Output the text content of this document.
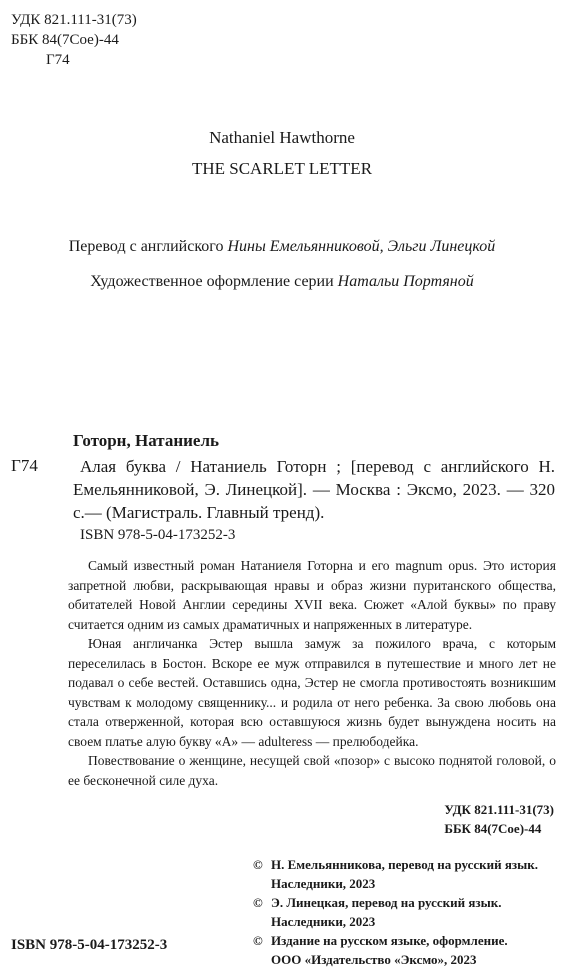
УДК 821.111-31(73)
ББК 84(7Сое)-44
Г74
Nathaniel Hawthorne
THE SCARLET LETTER
Перевод с английского Нины Емельянниковой, Эльги Линецкой
Художественное оформление серии Натальи Портяной
Готорн, Натаниель
Г74	Алая буква / Натаниель Готорн ; [перевод с английского Н. Емельянниковой, Э. Линецкой]. — Москва : Эксмо, 2023. — 320 с.— (Магистраль. Главный тренд).
ISBN 978-5-04-173252-3

Самый известный роман Натаниеля Готорна и его magnum opus. Это история запретной любви, раскрывающая нравы и образ жизни пуританского общества, обитателей Новой Англии середины XVII века. Сюжет «Алой буквы» по праву считается одним из самых драматичных и напряженных в литературе.

Юная англичанка Эстер вышла замуж за пожилого врача, с которым переселилась в Бостон. Вскоре ее муж отправился в путешествие и много лет не подавал о себе вестей. Оставшись одна, Эстер не смогла противостоять возникшим чувствам к молодому священнику... и родила от него ребенка. За свою любовь она стала отверженной, которая всю оставшуюся жизнь будет вынуждена носить на своем платье алую букву «А» — adulteress — прелюбодейка.

Повествование о женщине, несущей свой «позор» с высоко поднятой головой, о ее бесконечной силе духа.

УДК 821.111-31(73)
ББК 84(7Сое)-44
© Н. Емельянникова, перевод на русский язык.
Наследники, 2023
© Э. Линецкая, перевод на русский язык.
Наследники, 2023
© Издание на русском языке, оформление.
ООО «Издательство «Эксмо», 2023
ISBN 978-5-04-173252-3
